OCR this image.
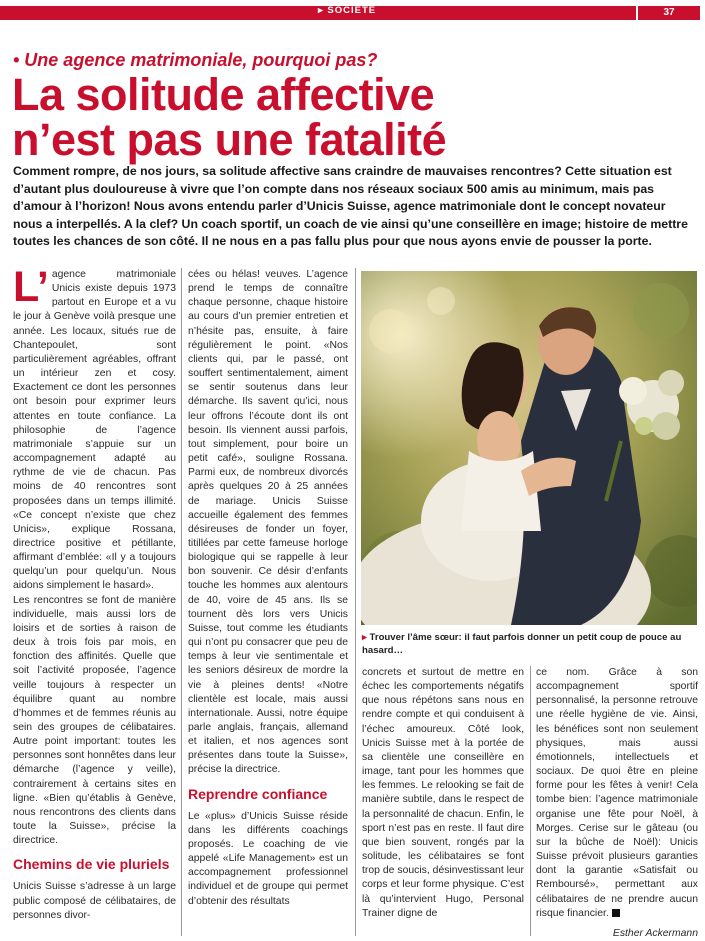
▸ SOCIÉTÉ	37
• Une agence matrimoniale, pourquoi pas?
La solitude affective
n’est pas une fatalité
Comment rompre, de nos jours, sa solitude affective sans craindre de mauvaises rencontres? Cette situation est d’autant plus douloureuse à vivre que l’on compte dans nos réseaux sociaux 500 amis au minimum, mais pas d’amour à l’horizon! Nous avons entendu parler d’Unicis Suisse, agence matrimoniale dont le concept novateur nous a interpellés. A la clef? Un coach sportif, un coach de vie ainsi qu’une conseillère en image; histoire de mettre toutes les chances de son côté. Il ne nous en a pas fallu plus pour que nous ayons envie de pousser la porte.
L’ agence matrimoniale Unicis existe depuis 1973 partout en Europe et a vu le jour à Genève voilà presque une année. Les locaux, situés rue de Chantepoulet, sont particulièrement agréables, offrant un intérieur zen et cosy. Exactement ce dont les personnes ont besoin pour exprimer leurs attentes en toute confiance. La philosophie de l’agence matrimoniale s’appuie sur un accompagnement adapté au rythme de vie de chacun. Pas moins de 40 rencontres sont proposées dans un temps illimité. «Ce concept n’existe que chez Unicis», explique Rossana, directrice positive et pétillante, affirmant d’emblée: «Il y a toujours quelqu’un pour quelqu’un. Nous aidons simplement le hasard».

Les rencontres se font de manière individuelle, mais aussi lors de loisirs et de sorties à raison de deux à trois fois par mois, en fonction des affinités. Quelle que soit l’activité proposée, l’agence veille toujours à respecter un équilibre quant au nombre d’hommes et de femmes réunis au sein des groupes de célibataires. Autre point important: toutes les personnes sont honnêtes dans leur démarche (l’agence y veille), contrairement à certains sites en ligne. «Bien qu’établis à Genève, nous rencontrons des clients dans toute la Suisse», précise la directrice.

Chemins de vie pluriels

Unicis Suisse s’adresse à un large public composé de célibataires, de personnes divor-

cées ou hélas! veuves. L’agence prend le temps de connaître chaque personne, chaque histoire au cours d’un premier entretien et n’hésite pas, ensuite, à faire régulièrement le point. «Nos clients qui, par le passé, ont souffert sentimentalement, aiment se sentir soutenus dans leur démarche. Ils savent qu’ici, nous leur offrons l’écoute dont ils ont besoin. Ils viennent aussi parfois, tout simplement, pour boire un petit café», souligne Rossana. Parmi eux, de nombreux divorcés après quelques 20 à 25 années de mariage. Unicis Suisse accueille également des femmes désireuses de fonder un foyer, titillées par cette fameuse horloge biologique qui se rappelle à leur bon souvenir. Ce désir d’enfants touche les hommes aux alentours de 40, voire de 45 ans. Ils se tournent dès lors vers Unicis Suisse, tout comme les étudiants qui n’ont pu consacrer que peu de temps à leur vie sentimentale et les seniors désireux de mordre la vie à pleines dents! «Notre clientèle est locale, mais aussi internationale. Aussi, notre équipe parle anglais, français, allemand et italien, et nos agences sont présentes dans toute la Suisse», précise la directrice.

Reprendre confiance

Le «plus» d’Unicis Suisse réside dans les différents coachings proposés. Le coaching de vie appelé «Life Management» est un accompagnement professionnel individuel et de groupe qui permet d’obtenir des résultats

▸ Trouver l’âme sœur: il faut parfois donner un petit coup de pouce au hasard…

concrets et surtout de mettre en échec les comportements négatifs que nous répétons sans nous en rendre compte et qui conduisent à l’échec amoureux. Côté look, Unicis Suisse met à la portée de sa clientèle une conseillère en image, tant pour les hommes que les femmes. Le relooking se fait de manière subtile, dans le respect de la personnalité de chacun. Enfin, le sport n’est pas en reste. Il faut dire que bien souvent, rongés par la solitude, les célibataires se font trop de soucis, désinvestissant leur corps et leur forme physique. C’est là qu’intervient Hugo, Personal Trainer digne de

ce nom. Grâce à son accompagnement sportif personnalisé, la personne retrouve une réelle hygiène de vie. Ainsi, les bénéfices sont non seulement physiques, mais aussi émotionnels, intellectuels et sociaux. De quoi être en pleine forme pour les fêtes à venir! Cela tombe bien: l’agence matrimoniale organise une fête pour Noël, à Morges. Cerise sur le gâteau (ou sur la bûche de Noël): Unicis Suisse prévoit plusieurs garanties dont la garantie «Satisfait ou Remboursé», permettant aux célibataires de ne prendre aucun risque financier.

Esther Ackermann
